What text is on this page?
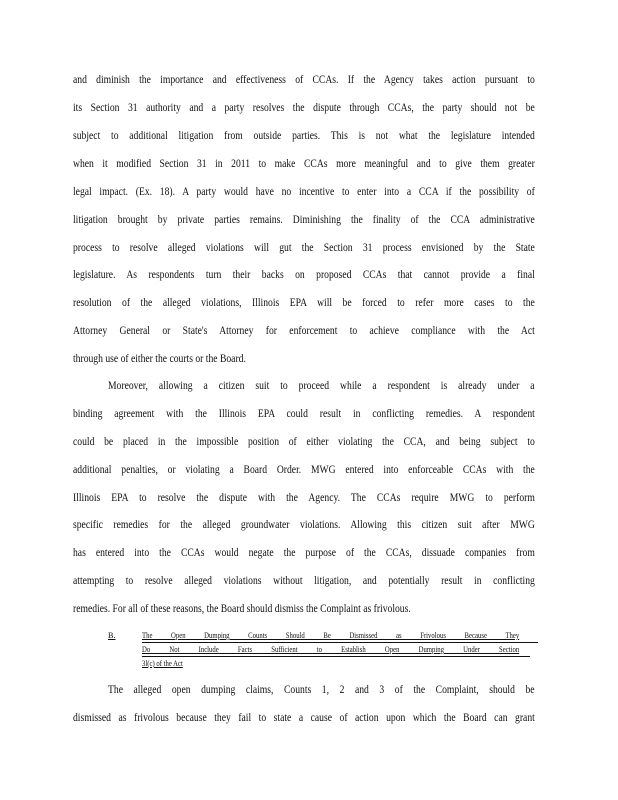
and diminish the importance and effectiveness of CCAs. If the Agency takes action pursuant to
its Section 31 authority and a party resolves the dispute through CCAs, the party should not be
subject to additional litigation from outside parties. This is not what the legislature intended
when it modified Section 31 in 2011 to make CCAs more meaningful and to give them greater
legal impact. (Ex. 18). A party would have no incentive to enter into a CCA if the possibility of
litigation brought by private parties remains. Diminishing the finality of the CCA administrative
process to resolve alleged violations will gut the Section 31 process envisioned by the State
legislature. As respondents turn their backs on proposed CCAs that cannot provide a final
resolution of the alleged violations, Illinois EPA will be forced to refer more cases to the
Attorney General or State's Attorney for enforcement to achieve compliance with the Act
through use of either the courts or the Board.
Moreover, allowing a citizen suit to proceed while a respondent is already under a
binding agreement with the Illinois EPA could result in conflicting remedies. A respondent
could be placed in the impossible position of either violating the CCA, and being subject to
additional penalties, or violating a Board Order. MWG entered into enforceable CCAs with the
Illinois EPA to resolve the dispute with the Agency. The CCAs require MWG to perform
specific remedies for the alleged groundwater violations. Allowing this citizen suit after MWG
has entered into the CCAs would negate the purpose of the CCAs, dissuade companies from
attempting to resolve alleged violations without litigation, and potentially result in conflicting
remedies. For all of these reasons, the Board should dismiss the Complaint as frivolous.
B.	The Open Dumping Counts Should Be Dismissed as Frivolous Because They
Do Not Include Facts Sufficient to Establish Open Dumping Under Section
3l(c) of the Act
The alleged open dumping claims, Counts 1, 2 and 3 of the Complaint, should be
dismissed as frivolous because they fail to state a cause of action upon which the Board can grant
